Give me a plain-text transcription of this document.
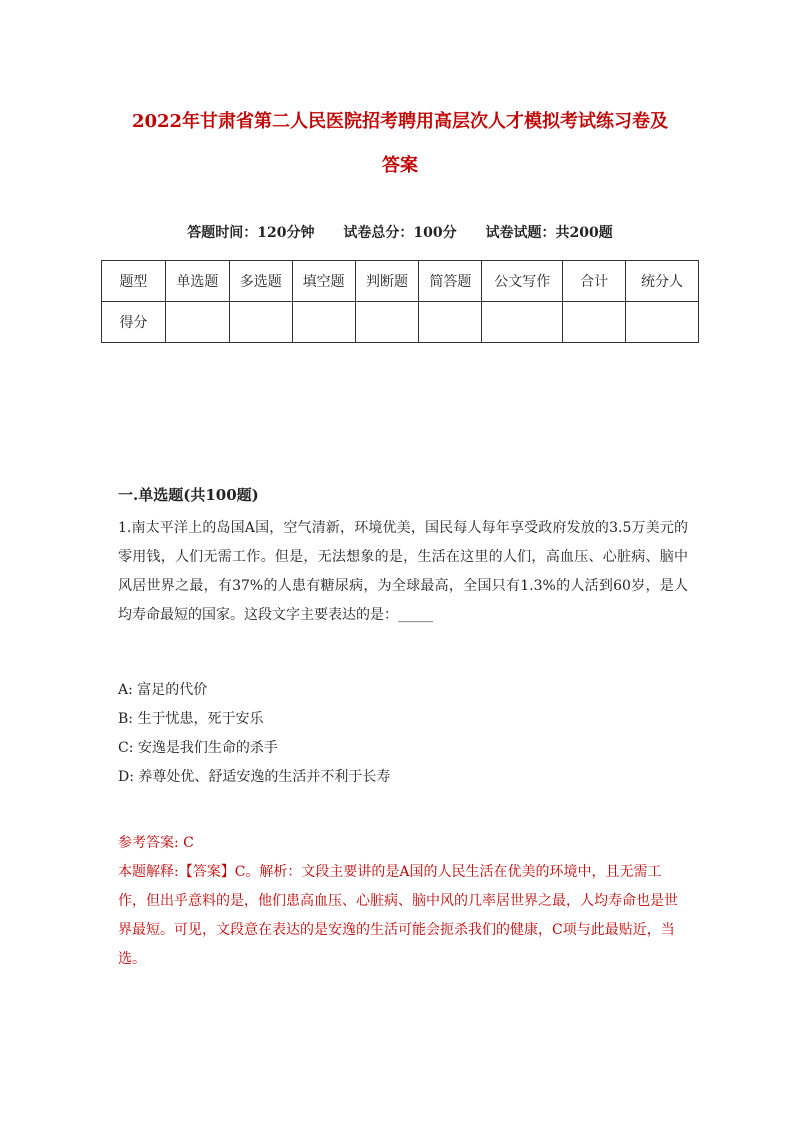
2022年甘肃省第二人民医院招考聘用高层次人才模拟考试练习卷及
答案
答题时间：120分钟 试卷总分：100分 试卷试题：共200题
题型	单选题	多选题	填空题	判断题	简答题	公文写作	合计	统分人
得分								
一.单选题(共100题)
1.南太平洋上的岛国A国，空气清新，环境优美，国民每人每年享受政府发放的3.5万美元的零用钱，人们无需工作。但是，无法想象的是，生活在这里的人们，高血压、心脏病、脑中风居世界之最，有37%的人患有糖尿病，为全球最高，全国只有1.3%的人活到60岁，是人均寿命最短的国家。这段文字主要表达的是：_____
A: 富足的代价
B: 生于忧患，死于安乐
C: 安逸是我们生命的杀手
D: 养尊处优、舒适安逸的生活并不利于长寿
参考答案: C
本题解释:【答案】C。解析：文段主要讲的是A国的人民生活在优美的环境中，且无需工作，但出乎意料的是，他们患高血压、心脏病、脑中风的几率居世界之最，人均寿命也是世界最短。可见，文段意在表达的是安逸的生活可能会扼杀我们的健康，C项与此最贴近，当选。
